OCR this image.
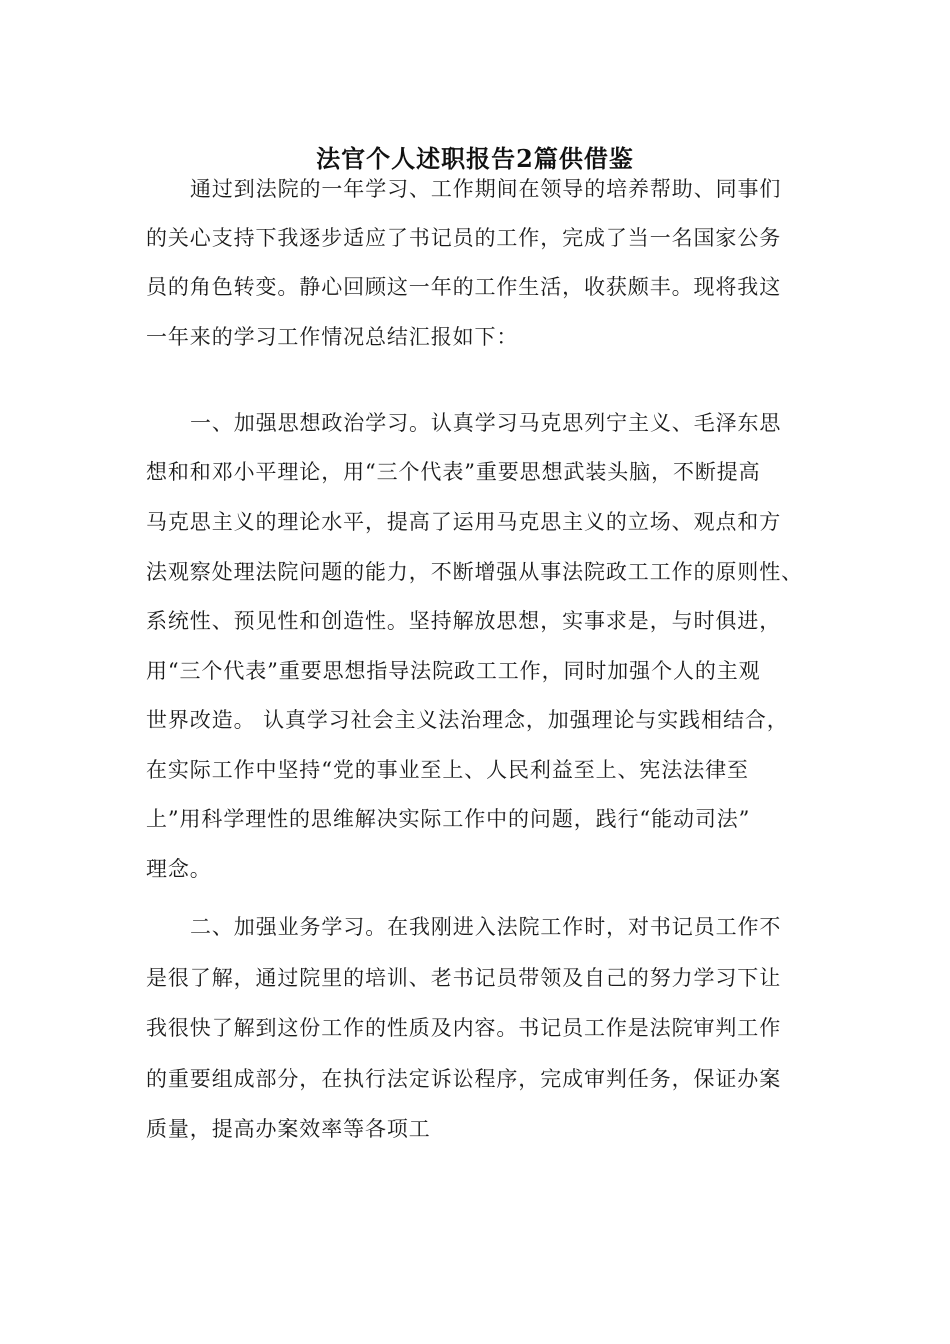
法官个人述职报告2篇供借鉴
通过到法院的一年学习、工作期间在领导的培养帮助、同事们
的关心支持下我逐步适应了书记员的工作，完成了当一名国家公务
员的角色转变。静心回顾这一年的工作生活，收获颇丰。现将我这
一年来的学习工作情况总结汇报如下：
一、加强思想政治学习。认真学习马克思列宁主义、毛泽东思
想和和邓小平理论，用“三个代表”重要思想武装头脑，不断提高
马克思主义的理论水平，提高了运用马克思主义的立场、观点和方
法观察处理法院问题的能力，不断增强从事法院政工工作的原则性、
系统性、预见性和创造性。坚持解放思想，实事求是，与时俱进，
用“三个代表”重要思想指导法院政工工作，同时加强个人的主观
世界改造。 认真学习社会主义法治理念，加强理论与实践相结合，
在实际工作中坚持“党的事业至上、人民利益至上、宪法法律至
上”用科学理性的思维解决实际工作中的问题，践行“能动司法”
理念。
二、加强业务学习。在我刚进入法院工作时，对书记员工作不
是很了解，通过院里的培训、老书记员带领及自己的努力学习下让
我很快了解到这份工作的性质及内容。书记员工作是法院审判工作
的重要组成部分，在执行法定诉讼程序，完成审判任务，保证办案
质量，提高办案效率等各项工
